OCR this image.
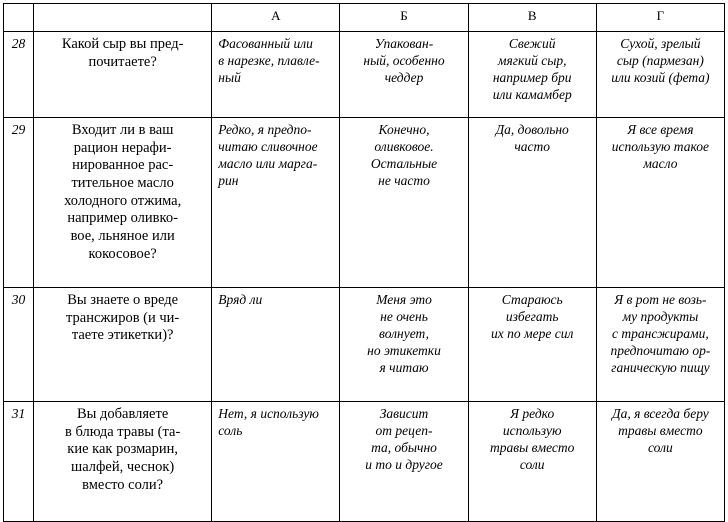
		А	Б	В	Г
28	Какой сыр вы пред-
почитаете?	Фасованный или
в нарезке, плавле-
ный	Упакован-
ный, особенно
чеддер	Свежий
мягкий сыр,
например бри
или камамбер	Сухой, зрелый
сыр (пармезан)
или козий (фета)
29	Входит ли в ваш
рацион нерафи-
нированное рас-
тительное масло
холодного отжима,
например оливко-
вое, льняное или
кокосовое?	Редко, я предпо-
читаю сливочное
масло или марга-
рин	Конечно,
оливковое.
Остальные
не часто	Да, довольно
часто	Я все время
использую такое
масло
30	Вы знаете о вреде
трансжиров (и чи-
таете этикетки)?	Вряд ли	Меня это
не очень
волнует,
но этикетки
я читаю	Стараюсь
избегать
их по мере сил	Я в рот не возь-
му продукты
с трансжирами,
предпочитаю ор-
ганическую пищу
31	Вы добавляете
в блюда травы (та-
кие как розмарин,
шалфей, чеснок)
вместо соли?	Нет, я использую
соль	Зависит
от рецеп-
та, обычно
и то и другое	Я редко
использую
травы вместо
соли	Да, я всегда беру
травы вместо
соли
